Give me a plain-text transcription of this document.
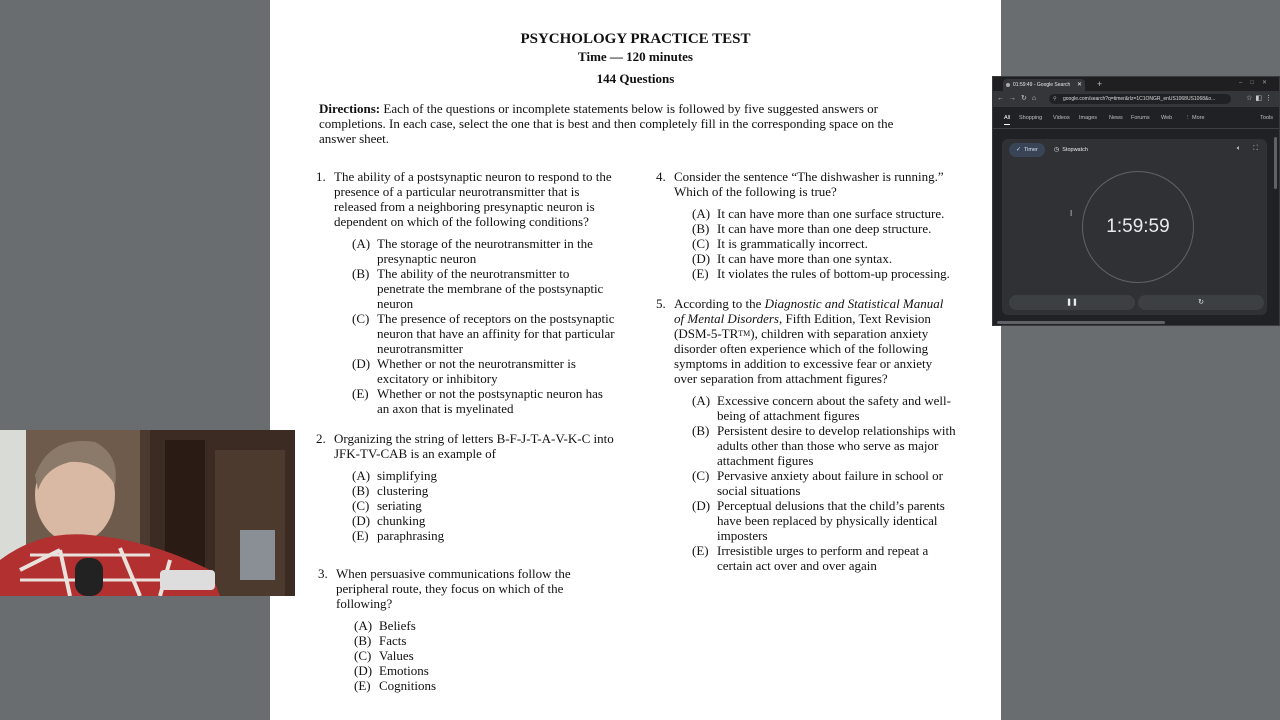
PSYCHOLOGY PRACTICE TEST
Time — 120 minutes
144 Questions
Directions: Each of the questions or incomplete statements below is followed by five suggested answers or completions. In each case, select the one that is best and then completely fill in the corresponding space on the answer sheet.
1. The ability of a postsynaptic neuron to respond to the presence of a particular neurotransmitter that is released from a neighboring presynaptic neuron is dependent on which of the following conditions?
(A) The storage of the neurotransmitter in the presynaptic neuron
(B) The ability of the neurotransmitter to penetrate the membrane of the postsynaptic neuron
(C) The presence of receptors on the postsynaptic neuron that have an affinity for that particular neurotransmitter
(D) Whether or not the neurotransmitter is excitatory or inhibitory
(E) Whether or not the postsynaptic neuron has an axon that is myelinated
2. Organizing the string of letters B-F-J-T-A-V-K-C into JFK-TV-CAB is an example of
(A) simplifying
(B) clustering
(C) seriating
(D) chunking
(E) paraphrasing
3. When persuasive communications follow the peripheral route, they focus on which of the following?
(A) Beliefs
(B) Facts
(C) Values
(D) Emotions
(E) Cognitions
4. Consider the sentence “The dishwasher is running.” Which of the following is true?
(A) It can have more than one surface structure.
(B) It can have more than one deep structure.
(C) It is grammatically incorrect.
(D) It can have more than one syntax.
(E) It violates the rules of bottom-up processing.
5. According to the Diagnostic and Statistical Manual of Mental Disorders, Fifth Edition, Text Revision (DSM-5-TR™), children with separation anxiety disorder often experience which of the following symptoms in addition to excessive fear or anxiety over separation from attachment figures?
(A) Excessive concern about the safety and well-being of attachment figures
(B) Persistent desire to develop relationships with adults other than those who serve as major attachment figures
(C) Pervasive anxiety about failure in school or social situations
(D) Perceptual delusions that the child’s parents have been replaced by physically identical imposters
(E) Irresistible urges to perform and repeat a certain act over and over again
01:59:49 - Google Search ✕ +	–□✕
←→↻⌂ ⚲ google.com/search?q=timer&rlz=1C1ONGR_enUS1068US1068&o...	☆◧⋮
All Shopping Videos Images News Forums Web ⋮ More	Tools
✓ Timer	◷ Stopwatch	🔈︎ ⛶
1:59:59
I
❚❚	↻
